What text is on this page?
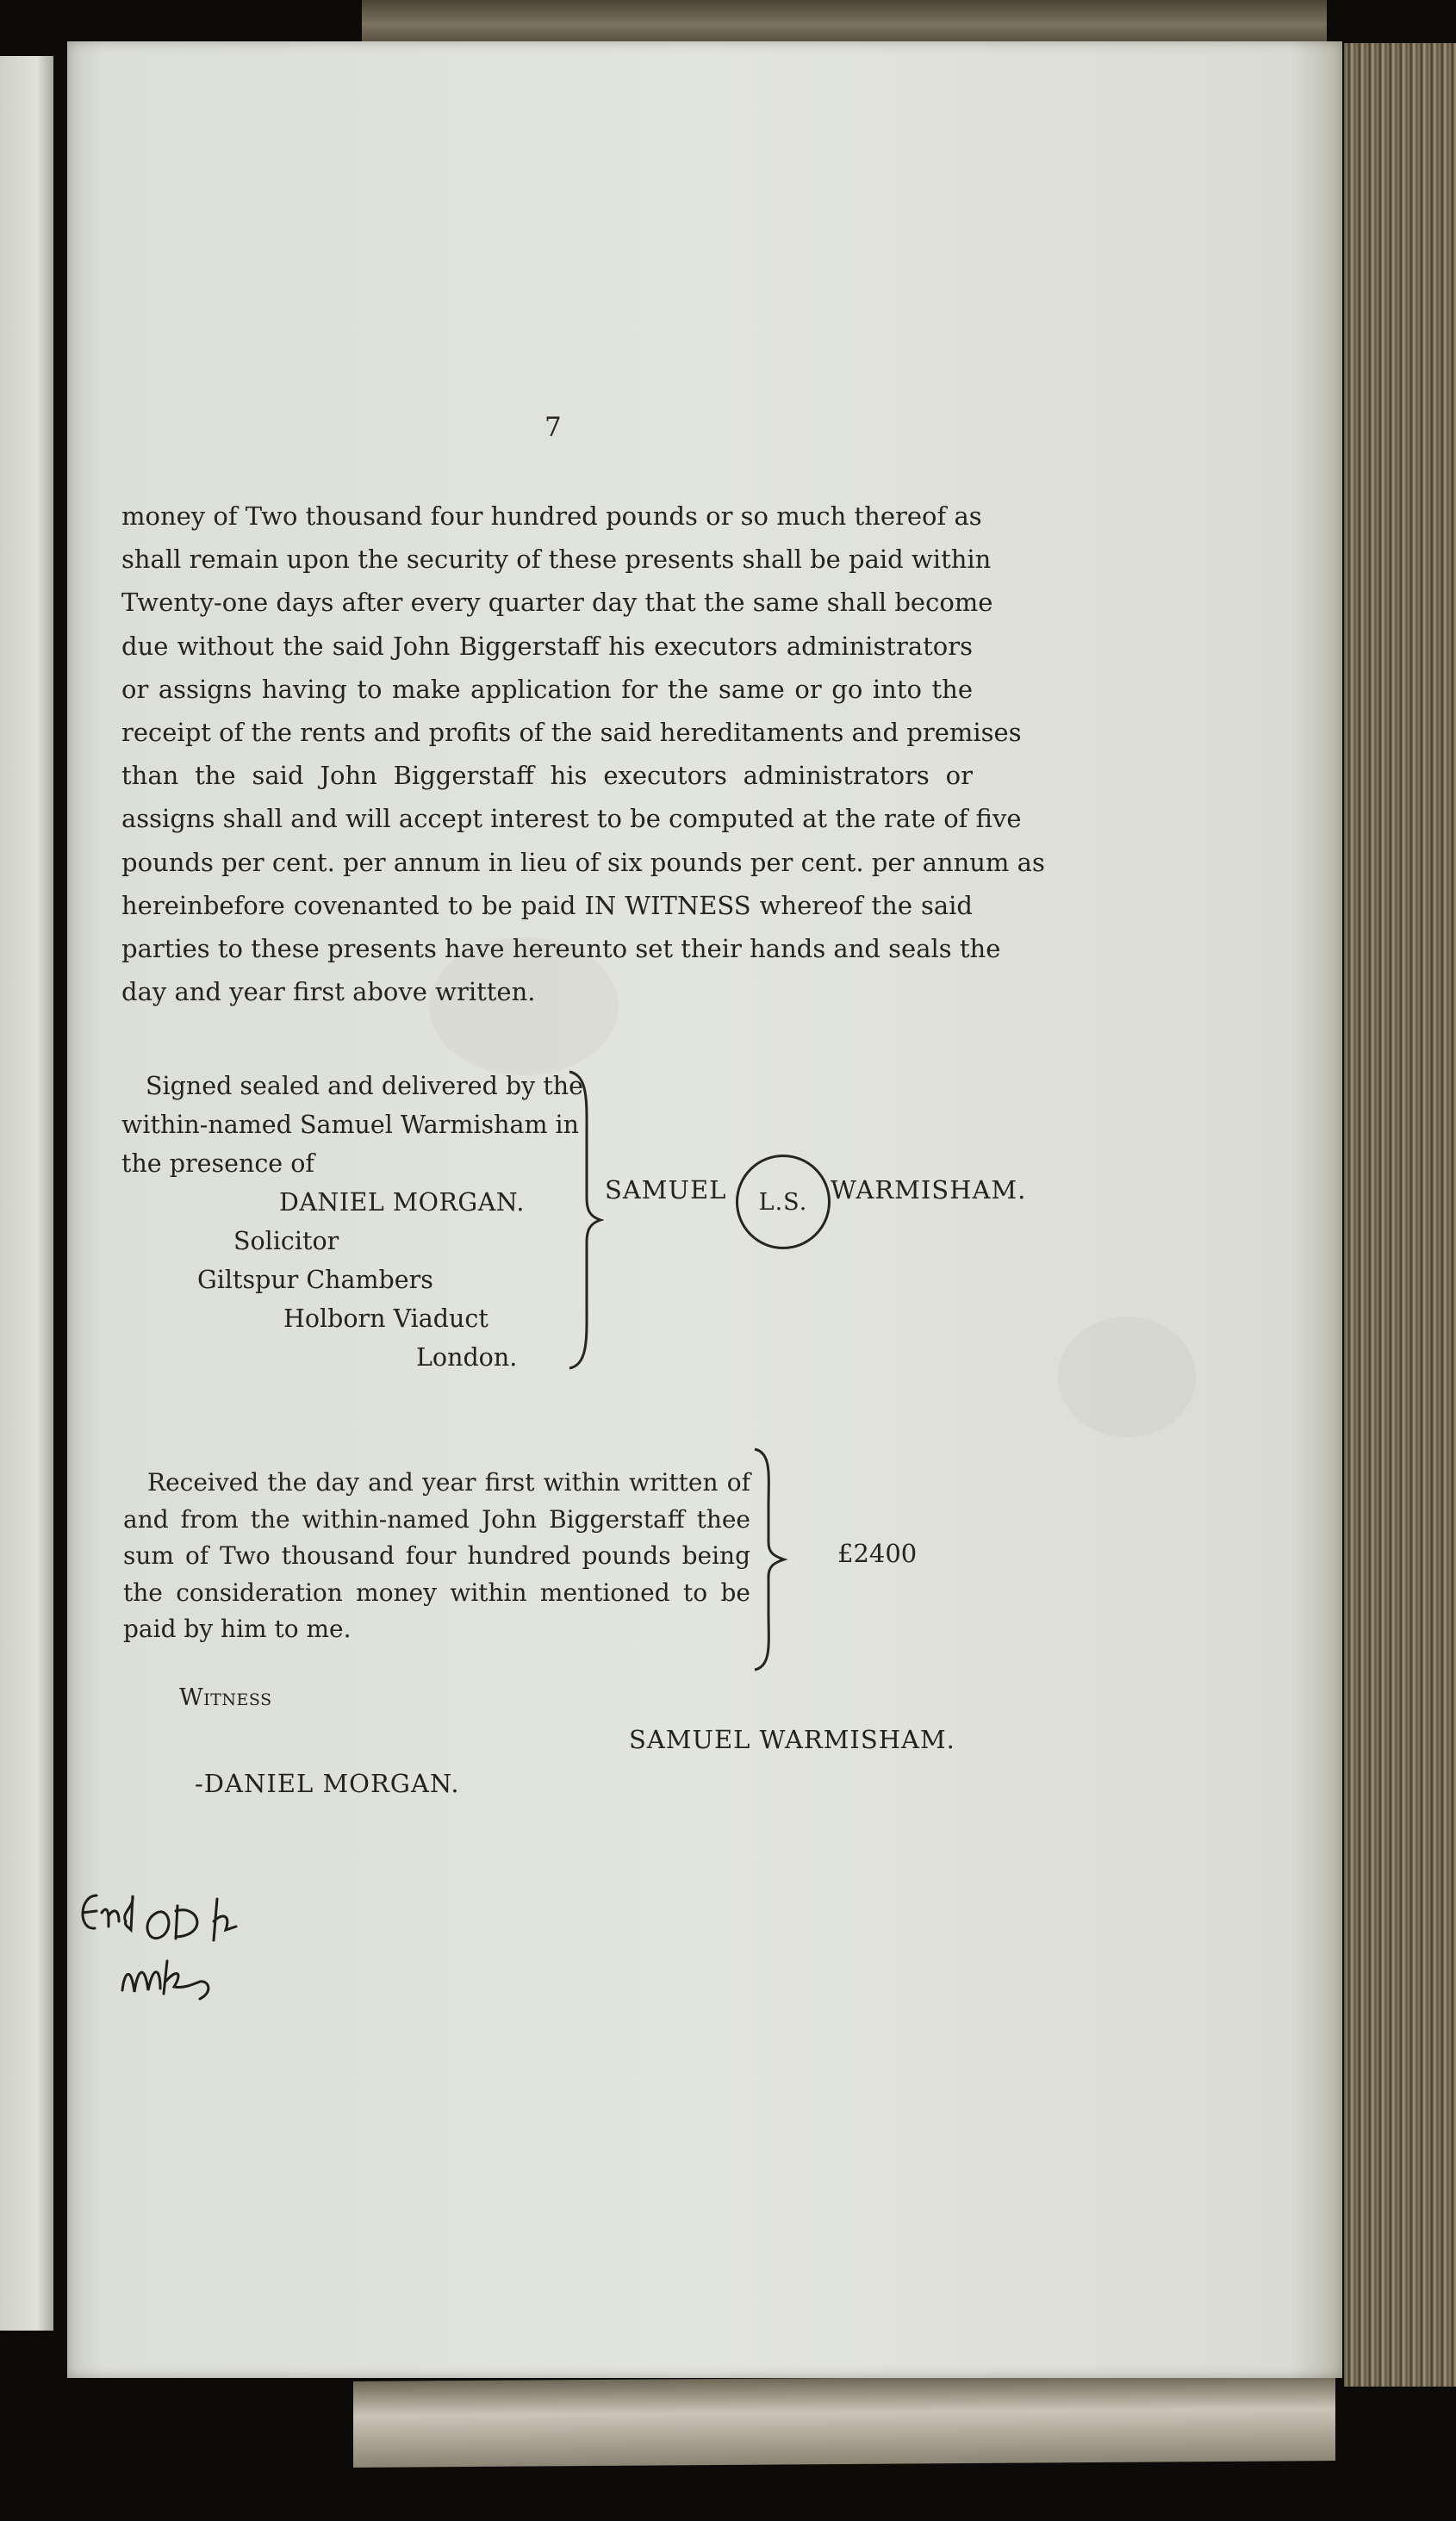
7
money of Two thousand four hundred pounds or so much thereof as
shall remain upon the security of these presents shall be paid within
Twenty-one days after every quarter day that the same shall become
due without the said John Biggerstaff his executors administrators
or assigns having to make application for the same or go into the
receipt of the rents and profits of the said hereditaments and premises
than the said John Biggerstaff his executors administrators or
assigns shall and will accept interest to be computed at the rate of five
pounds per cent. per annum in lieu of six pounds per cent. per annum as
hereinbefore covenanted to be paid IN WITNESS whereof the said
parties to these presents have hereunto set their hands and seals the
day and year first above written.
Signed sealed and delivered by the
within-named Samuel Warmisham in
the presence of
DANIEL MORGAN.
Solicitor
Giltspur Chambers
Holborn Viaduct
London.
SAMUEL L.S. WARMISHAM.
Received the day and year first within written of
and from the within-named John Biggerstaff thee
sum of Two thousand four hundred pounds being
the consideration money within mentioned to be
paid by him to me.
£2400
Witness
SAMUEL WARMISHAM.
-DANIEL MORGAN.
